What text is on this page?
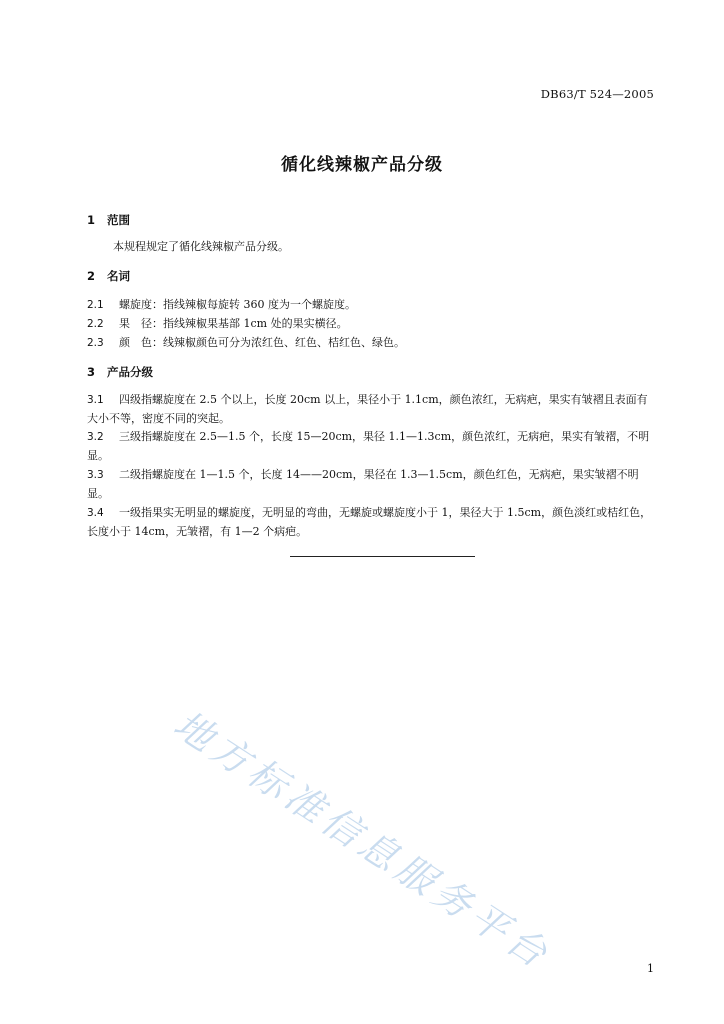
DB63/T 524—2005
循化线辣椒产品分级
1 范围
本规程规定了循化线辣椒产品分级。
2 名词
2.1 螺旋度：指线辣椒每旋转 360 度为一个螺旋度。
2.2 果　径：指线辣椒果基部 1cm 处的果实横径。
2.3 颜　色：线辣椒颜色可分为浓红色、红色、桔红色、绿色。
3 产品分级
3.1 四级指螺旋度在 2.5 个以上，长度 20cm 以上，果径小于 1.1cm，颜色浓红，无病疤，果实有皱褶且表面有大小不等，密度不同的突起。
3.2 三级指螺旋度在 2.5—1.5 个，长度 15—20cm，果径 1.1—1.3cm，颜色浓红，无病疤，果实有皱褶，不明显。
3.3 二级指螺旋度在 1—1.5 个，长度 14——20cm，果径在 1.3—1.5cm，颜色红色，无病疤，果实皱褶不明显。
3.4 一级指果实无明显的螺旋度，无明显的弯曲，无螺旋或螺旋度小于 1，果径大于 1.5cm，颜色淡红或桔红色，长度小于 14cm，无皱褶，有 1—2 个病疤。
地方标准信息服务平台	1
